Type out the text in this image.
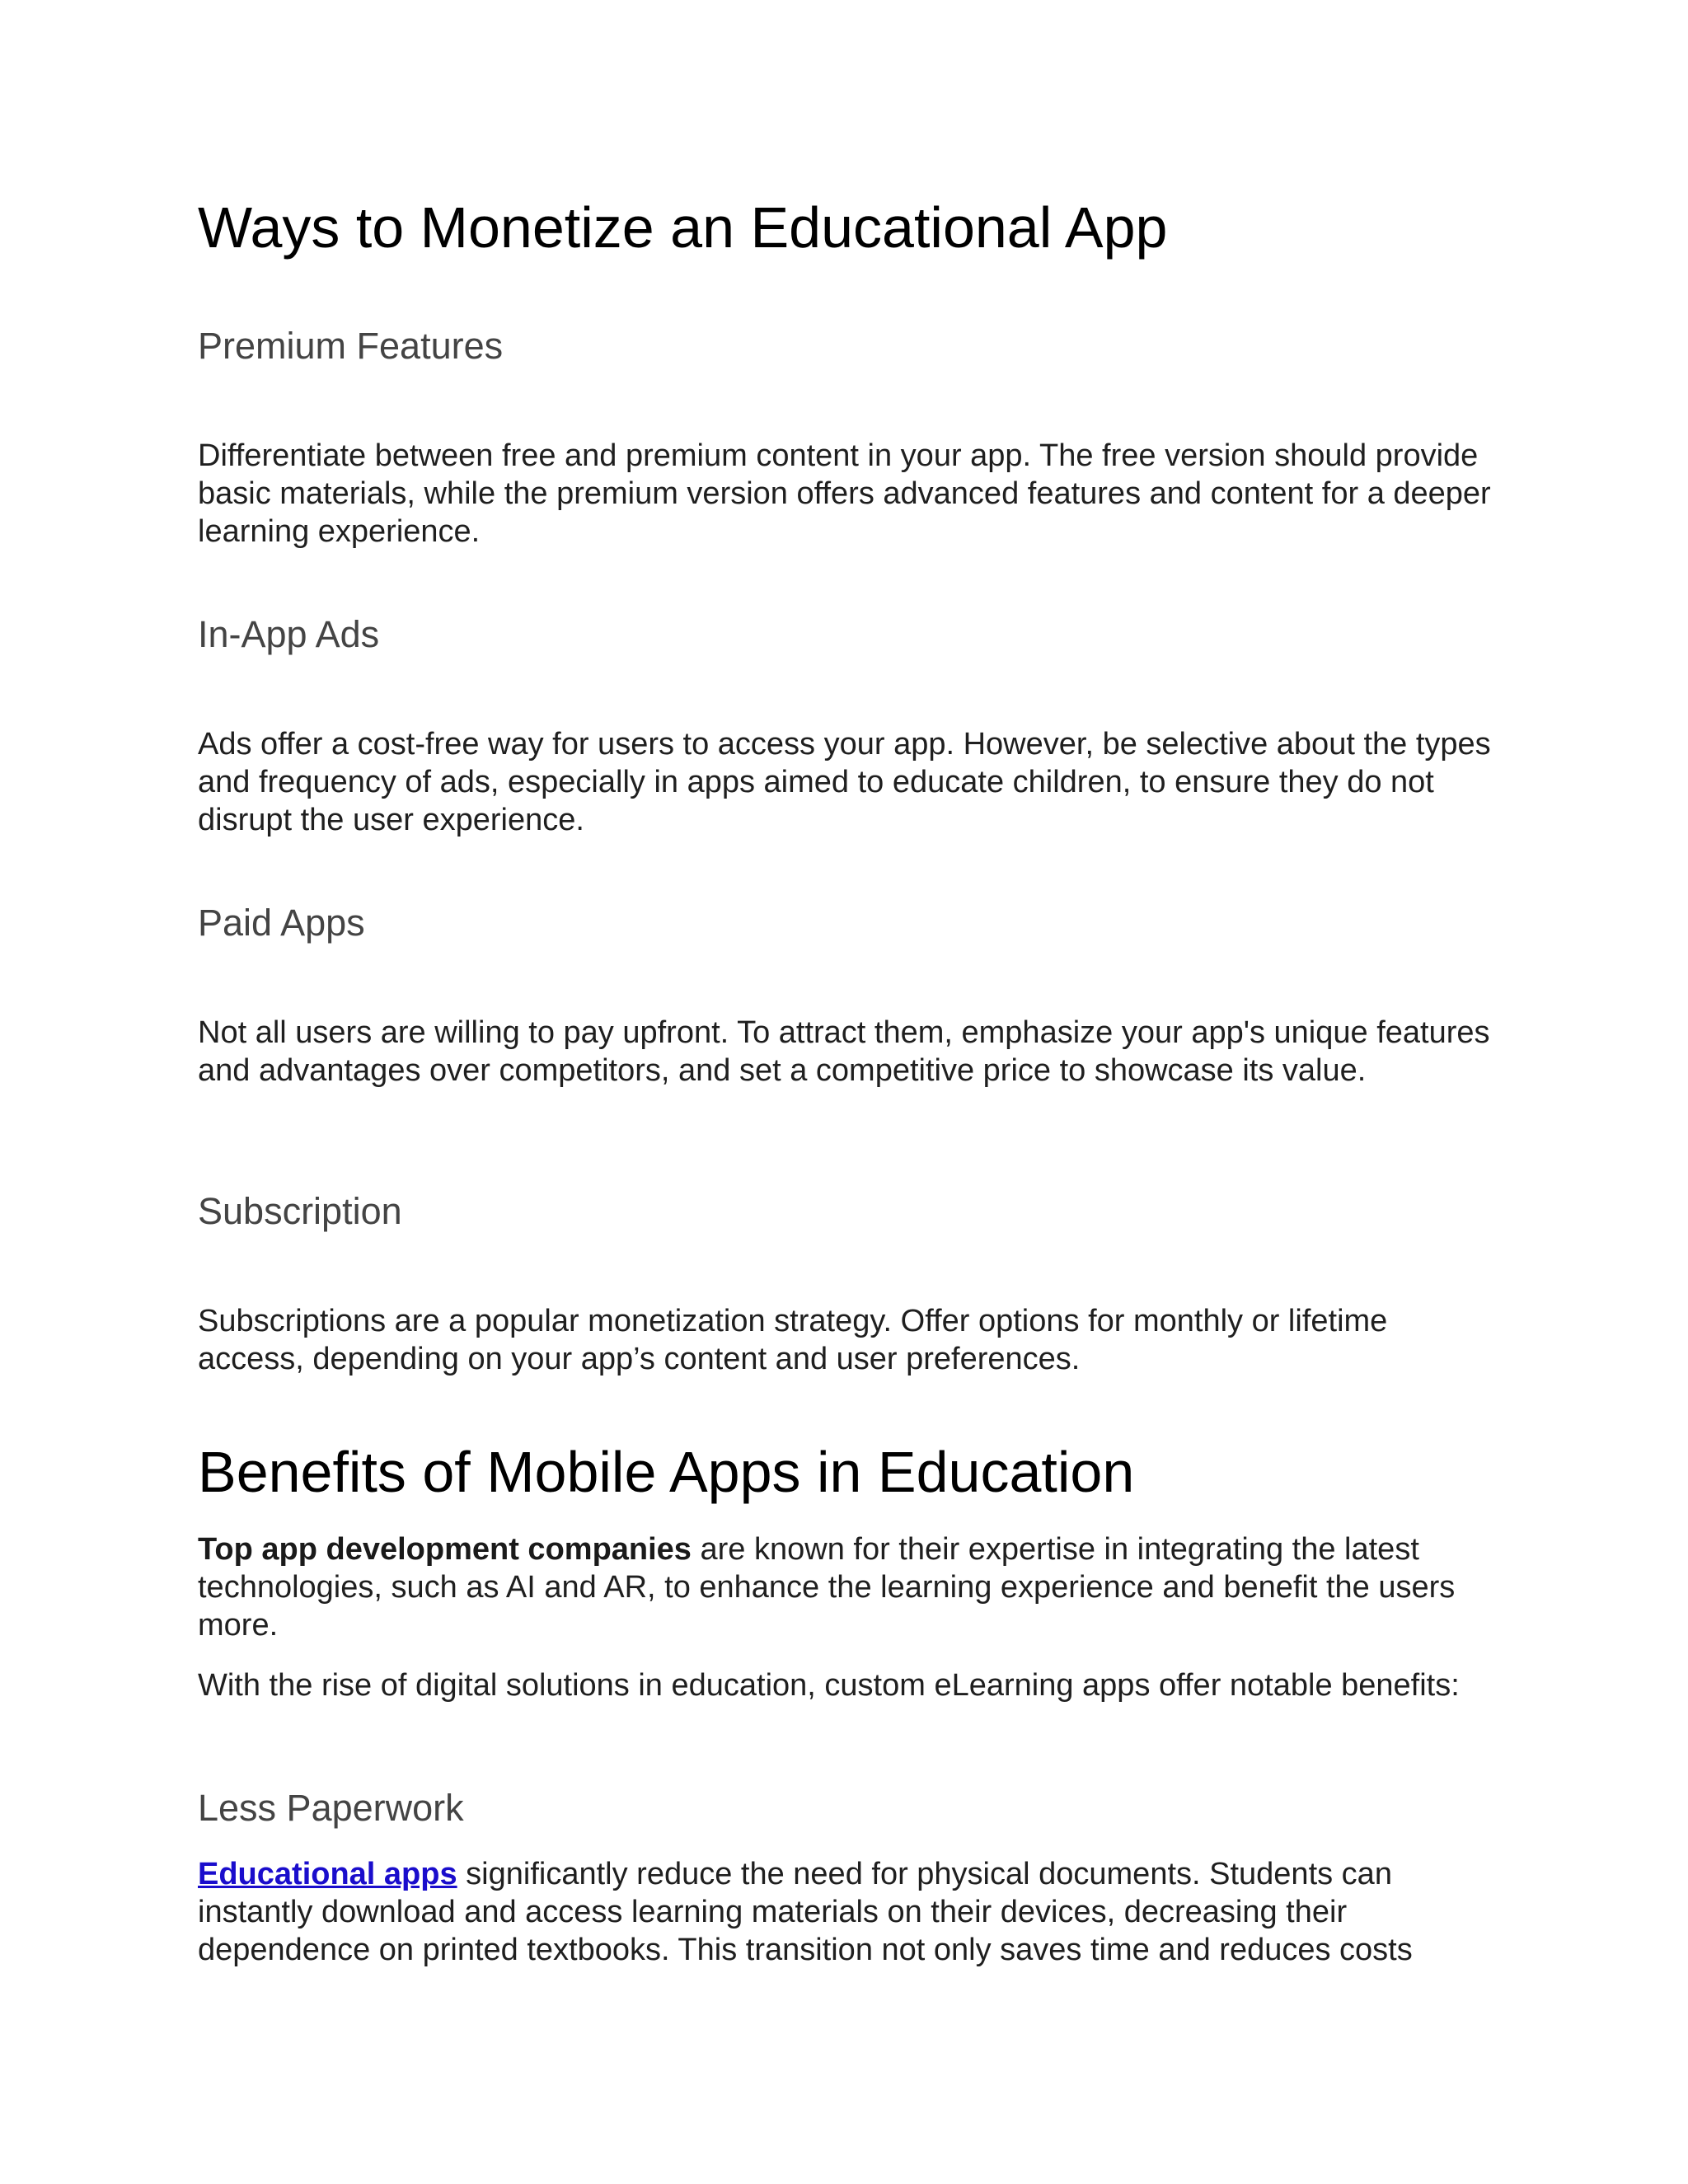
Ways to Monetize an Educational App
Premium Features

Differentiate between free and premium content in your app. The free version should provide basic materials, while the premium version offers advanced features and content for a deeper learning experience.

In-App Ads

Ads offer a cost-free way for users to access your app. However, be selective about the types and frequency of ads, especially in apps aimed to educate children, to ensure they do not disrupt the user experience.

Paid Apps

Not all users are willing to pay upfront. To attract them, emphasize your app's unique features and advantages over competitors, and set a competitive price to showcase its value.

Subscription

Subscriptions are a popular monetization strategy. Offer options for monthly or lifetime access, depending on your app’s content and user preferences.

Benefits of Mobile Apps in Education

Top app development companies are known for their expertise in integrating the latest technologies, such as AI and AR, to enhance the learning experience and benefit the users more.

With the rise of digital solutions in education, custom eLearning apps offer notable benefits:

Less Paperwork

Educational apps significantly reduce the need for physical documents. Students can instantly download and access learning materials on their devices, decreasing their dependence on printed textbooks. This transition not only saves time and reduces costs
